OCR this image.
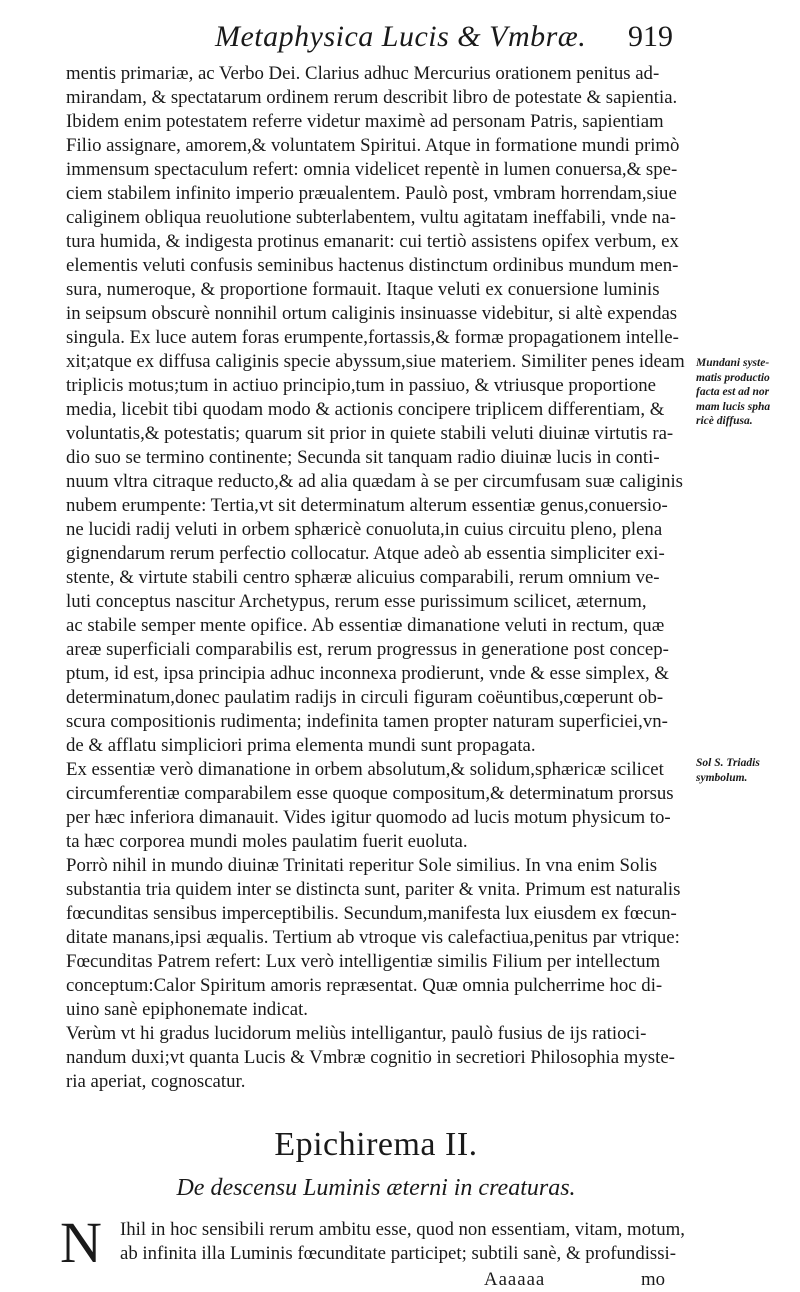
Metaphysica Lucis & Vmbræ. 919
mentis primariæ, ac Verbo Dei. Clarius adhuc Mercurius orationem penitus ad-
mirandam, & spectatarum ordinem rerum describit libro de potestate & sapientia.
Ibidem enim potestatem referre videtur maximè ad personam Patris, sapientiam
Filio assignare, amorem,& voluntatem Spiritui. Atque in formatione mundi primò
immensum spectaculum refert: omnia videlicet repentè in lumen conuersa,& spe-
ciem stabilem infinito imperio præualentem. Paulò post, vmbram horrendam,siue
caliginem obliqua reuolutione subterlabentem, vultu agitatam ineffabili, vnde na-
tura humida, & indigesta protinus emanarit: cui tertiò assistens opifex verbum, ex
elementis veluti confusis seminibus hactenus distinctum ordinibus mundum men-
sura, numeroque, & proportione formauit. Itaque veluti ex conuersione luminis
in seipsum obscurè nonnihil ortum caliginis insinuasse videbitur, si altè expendas
singula. Ex luce autem foras erumpente,fortassis,& formæ propagationem intelle-
xit;atque ex diffusa caliginis specie abyssum,siue materiem. Similiter penes ideam
triplicis motus;tum in actiuo principio,tum in passiuo, & vtriusque proportione
media, licebit tibi quodam modo & actionis concipere triplicem differentiam, &
voluntatis,& potestatis; quarum sit prior in quiete stabili veluti diuinæ virtutis ra-
dio suo se termino continente; Secunda sit tanquam radio diuinæ lucis in conti-
nuum vltra citraque reducto,& ad alia quædam à se per circumfusam suæ caliginis
nubem erumpente: Tertia,vt sit determinatum alterum essentiæ genus,conuersio-
ne lucidi radij veluti in orbem sphæricè conuoluta,in cuius circuitu pleno, plena
gignendarum rerum perfectio collocatur. Atque adeò ab essentia simpliciter exi-
stente, & virtute stabili centro sphæræ alicuius comparabili, rerum omnium ve-
luti conceptus nascitur Archetypus, rerum esse purissimum scilicet, æternum,
ac stabile semper mente opifice. Ab essentiæ dimanatione veluti in rectum, quæ
areæ superficiali comparabilis est, rerum progressus in generatione post concep-
ptum, id est, ipsa principia adhuc inconnexa prodierunt, vnde & esse simplex, &
determinatum,donec paulatim radijs in circuli figuram coëuntibus,cœperunt ob-
scura compositionis rudimenta; indefinita tamen propter naturam superficiei,vn-
de & afflatu simpliciori prima elementa mundi sunt propagata.
Ex essentiæ verò dimanatione in orbem absolutum,& solidum,sphæricæ scilicet
circumferentiæ comparabilem esse quoque compositum,& determinatum prorsus
per hæc inferiora dimanauit. Vides igitur quomodo ad lucis motum physicum to-
ta hæc corporea mundi moles paulatim fuerit euoluta.
Porrò nihil in mundo diuinæ Trinitati reperitur Sole similius. In vna enim Solis
substantia tria quidem inter se distincta sunt, pariter & vnita. Primum est naturalis
fœcunditas sensibus imperceptibilis. Secundum,manifesta lux eiusdem ex fœcun-
ditate manans,ipsi æqualis. Tertium ab vtroque vis calefactiua,penitus par vtrique:
Fœcunditas Patrem refert: Lux verò intelligentiæ similis Filium per intellectum
conceptum:Calor Spiritum amoris repræsentat. Quæ omnia pulcherrime hoc di-
uino sanè epiphonemate indicat.
Verùm vt hi gradus lucidorum meliùs intelligantur, paulò fusius de ijs ratioci-
nandum duxi;vt quanta Lucis & Vmbræ cognitio in secretiori Philosophia myste-
ria aperiat, cognoscatur.
Epichirema II.
De descensu Luminis æterni in creaturas.
N Ihil in hoc sensibili rerum ambitu esse, quod non essentiam, vitam, motum,
ab infinita illa Luminis fœcunditate participet; subtili sanè, & profundissi-
Aaaaaa	mo
Mundani syste-
matis productio
facta est ad nor
mam lucis spha
ricè diffusa.
Sol S. Triadis
symbolum.
